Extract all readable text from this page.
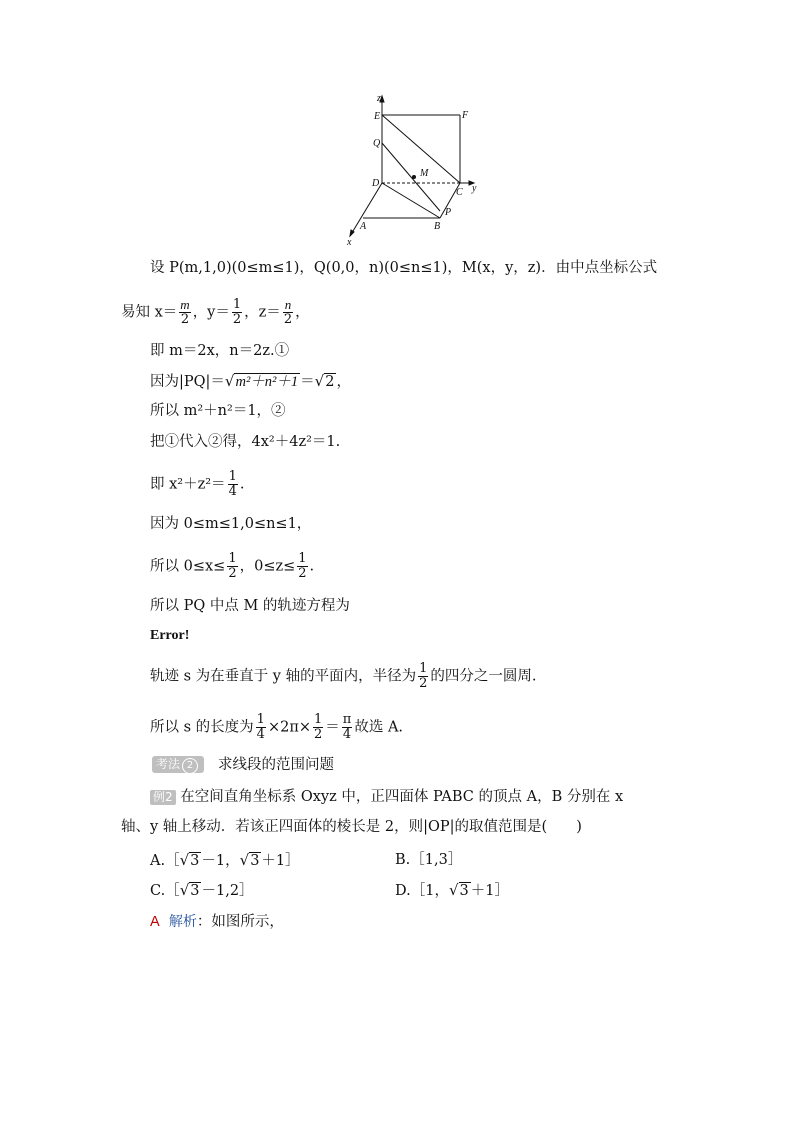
z
E	F
Q
M
D
C y
P
A	B
x
设 P(m,1,0)(0≤m≤1)，Q(0,0，n)(0≤n≤1)，M(x，y，z)．由中点坐标公式
易知 $x= \frac{m}{2}$ ，$y= \frac{1}{2}$ ，$z= \frac{n}{2}$ ，
即 m＝2x，n＝2z.①
因为|PQ|＝√m²＋n²＋1 ＝√2 ，
所以 m²＋n²＝1，②
把①代入②得，4x²＋4z²＝1.
即 $x^2+z^2= \frac{1}{4}$ .
因为 0≤m≤1,0≤n≤1，
所以 $0\le x\le \frac{1}{2}$ ，$0\le z\le \frac{1}{2}$ .
所以 PQ 中点 M 的轨迹方程为
Error!
轨迹 s 为在垂直于 y 轴的平面内，半径为 $\frac{1}{2}$ 的四分之一圆周.
所以 s 的长度为 $\frac{1}{4} \times 2\pi\times \frac{1}{2} = \frac{\pi}{4}$ 故选 A.
考法 2	求线段的范围问题
例2 在空间直角坐标系 Oxyz 中，正四面体 PABC 的顶点 A，B 分别在 x
轴、y 轴上移动．若该正四面体的棱长是 2，则|OP|的取值范围是(　　)
A.［√3 －1，√3 ＋1］	B.［1,3］
C.［√3 －1,2］	D.［1，√3 ＋1］
A 解析：如图所示，
